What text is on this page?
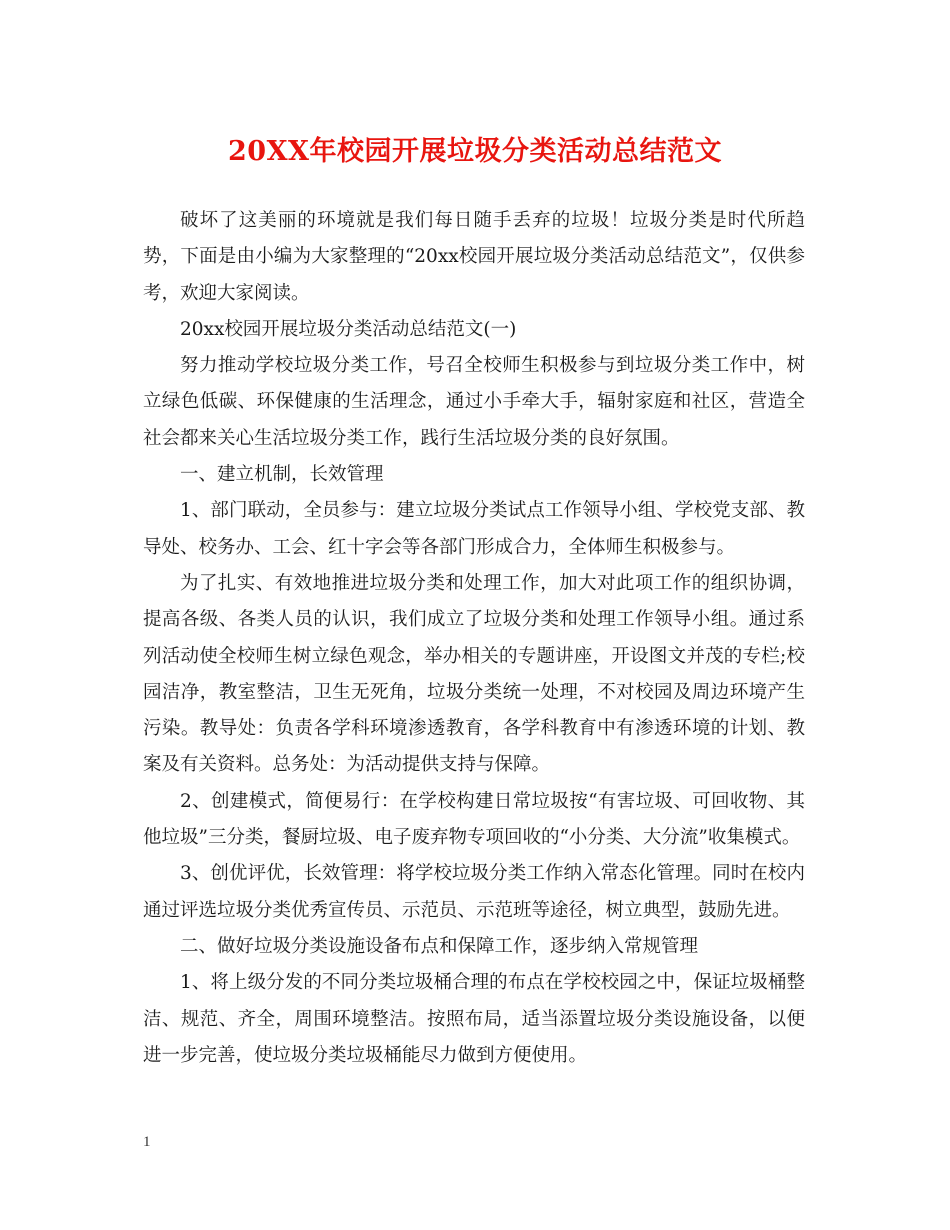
20XX年校园开展垃圾分类活动总结范文

破坏了这美丽的环境就是我们每日随手丢弃的垃圾！垃圾分类是时代所趋势，下面是由小编为大家整理的“20xx校园开展垃圾分类活动总结范文”，仅供参考，欢迎大家阅读。

20xx校园开展垃圾分类活动总结范文(一)

努力推动学校垃圾分类工作，号召全校师生积极参与到垃圾分类工作中，树立绿色低碳、环保健康的生活理念，通过小手牵大手，辐射家庭和社区，营造全社会都来关心生活垃圾分类工作，践行生活垃圾分类的良好氛围。

一、建立机制，长效管理

1、部门联动，全员参与：建立垃圾分类试点工作领导小组、学校党支部、教导处、校务办、工会、红十字会等各部门形成合力，全体师生积极参与。

为了扎实、有效地推进垃圾分类和处理工作，加大对此项工作的组织协调，提高各级、各类人员的认识，我们成立了垃圾分类和处理工作领导小组。通过系列活动使全校师生树立绿色观念，举办相关的专题讲座，开设图文并茂的专栏;校园洁净，教室整洁，卫生无死角，垃圾分类统一处理，不对校园及周边环境产生污染。教导处：负责各学科环境渗透教育，各学科教育中有渗透环境的计划、教案及有关资料。总务处：为活动提供支持与保障。

2、创建模式，简便易行：在学校构建日常垃圾按“有害垃圾、可回收物、其他垃圾”三分类，餐厨垃圾、电子废弃物专项回收的“小分类、大分流”收集模式。

3、创优评优，长效管理：将学校垃圾分类工作纳入常态化管理。同时在校内通过评选垃圾分类优秀宣传员、示范员、示范班等途径，树立典型，鼓励先进。

二、做好垃圾分类设施设备布点和保障工作，逐步纳入常规管理

1、将上级分发的不同分类垃圾桶合理的布点在学校校园之中，保证垃圾桶整洁、规范、齐全，周围环境整洁。按照布局，适当添置垃圾分类设施设备，以便进一步完善，使垃圾分类垃圾桶能尽力做到方便使用。

1
